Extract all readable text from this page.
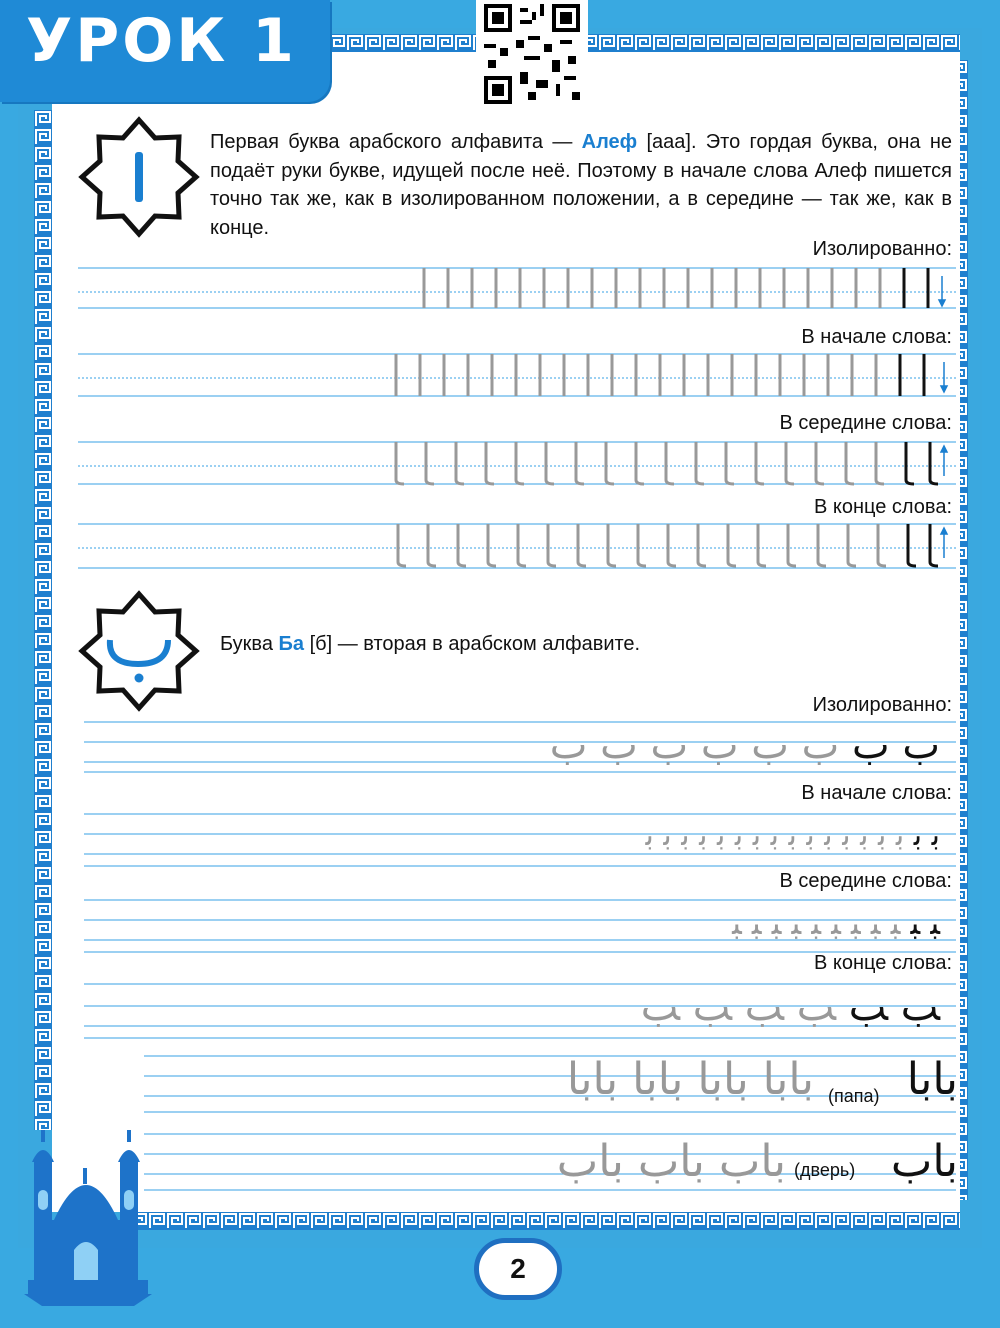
УРОК 1
Первая буква арабского алфавита — Алеф [ааа]. Это гордая буква, она не подаёт руки букве, идущей после неё. Поэтому в начале слова Алеф пишется точно так же, как в изолированном положении, а в середине — так же, как в конце.
Изолированно:
В начале слова:
В середине слова:
В конце слова:
Буква Ба [б] — вторая в арабском алфавите.
Изолированно:
В начале слова:
В середине слова:
В конце слова:
ب ب ب ب ب ب ب ب
ﺑ ﺑ ﺑ ﺑ ﺑ ﺑ ﺑ ﺑ ﺑ ﺑ ﺑ ﺑ ﺑ ﺑ ﺑ ﺑ ﺑ
ﺒ ﺒ ﺒ ﺒ ﺒ ﺒ ﺒ ﺒ ﺒ ﺒ ﺒ
ﺐ ﺐ ﺐ ﺐ ﺐ ﺐ
بابا
(папа)
بابا بابا بابا بابا
باب
(дверь)
باب باب باب
2
